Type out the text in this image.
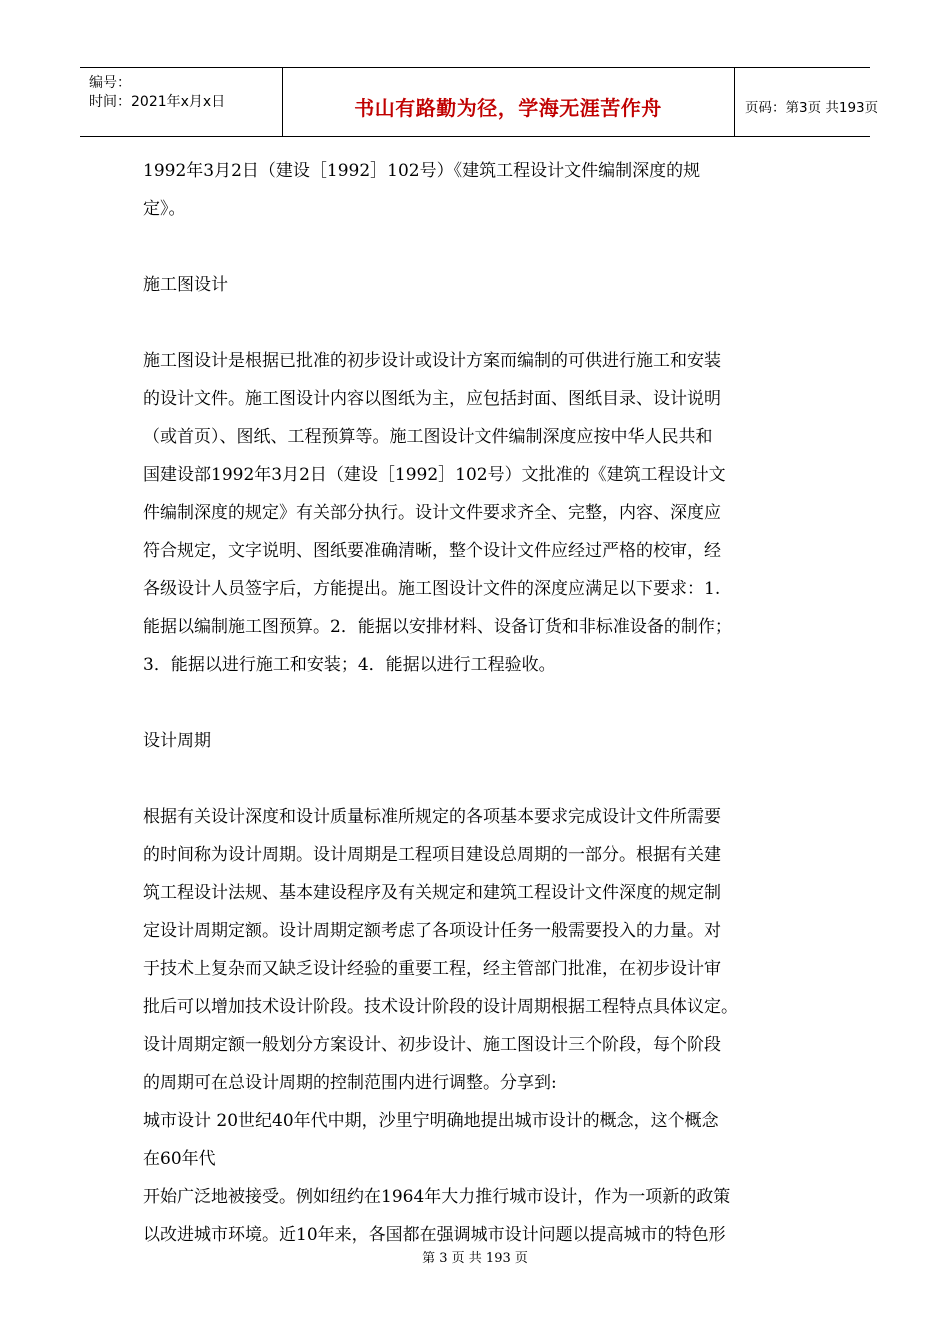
编号：
时间：2021年x月x日	书山有路勤为径，学海无涯苦作舟	页码：第3页 共193页
1992年3月2日（建设［1992］102号）《建筑工程设计文件编制深度的规
定》。
施工图设计
施工图设计是根据已批准的初步设计或设计方案而编制的可供进行施工和安装
的设计文件。施工图设计内容以图纸为主，应包括封面、图纸目录、设计说明
（或首页）、图纸、工程预算等。施工图设计文件编制深度应按中华人民共和
国建设部1992年3月2日（建设［1992］102号）文批准的《建筑工程设计文
件编制深度的规定》有关部分执行。设计文件要求齐全、完整，内容、深度应
符合规定，文字说明、图纸要准确清晰，整个设计文件应经过严格的校审，经
各级设计人员签字后，方能提出。施工图设计文件的深度应满足以下要求：1.
能据以编制施工图预算。2．能据以安排材料、设备订货和非标准设备的制作；
3．能据以进行施工和安装；4．能据以进行工程验收。
设计周期
根据有关设计深度和设计质量标准所规定的各项基本要求完成设计文件所需要
的时间称为设计周期。设计周期是工程项目建设总周期的一部分。根据有关建
筑工程设计法规、基本建设程序及有关规定和建筑工程设计文件深度的规定制
定设计周期定额。设计周期定额考虑了各项设计任务一般需要投入的力量。对
于技术上复杂而又缺乏设计经验的重要工程，经主管部门批准，在初步设计审
批后可以增加技术设计阶段。技术设计阶段的设计周期根据工程特点具体议定。
设计周期定额一般划分方案设计、初步设计、施工图设计三个阶段，每个阶段
的周期可在总设计周期的控制范围内进行调整。分享到:
城市设计 20世纪40年代中期，沙里宁明确地提出城市设计的概念，这个概念
在60年代
开始广泛地被接受。例如纽约在1964年大力推行城市设计，作为一项新的政策
以改进城市环境。近10年来，各国都在强调城市设计问题以提高城市的特色形
第 3 页 共 193 页
